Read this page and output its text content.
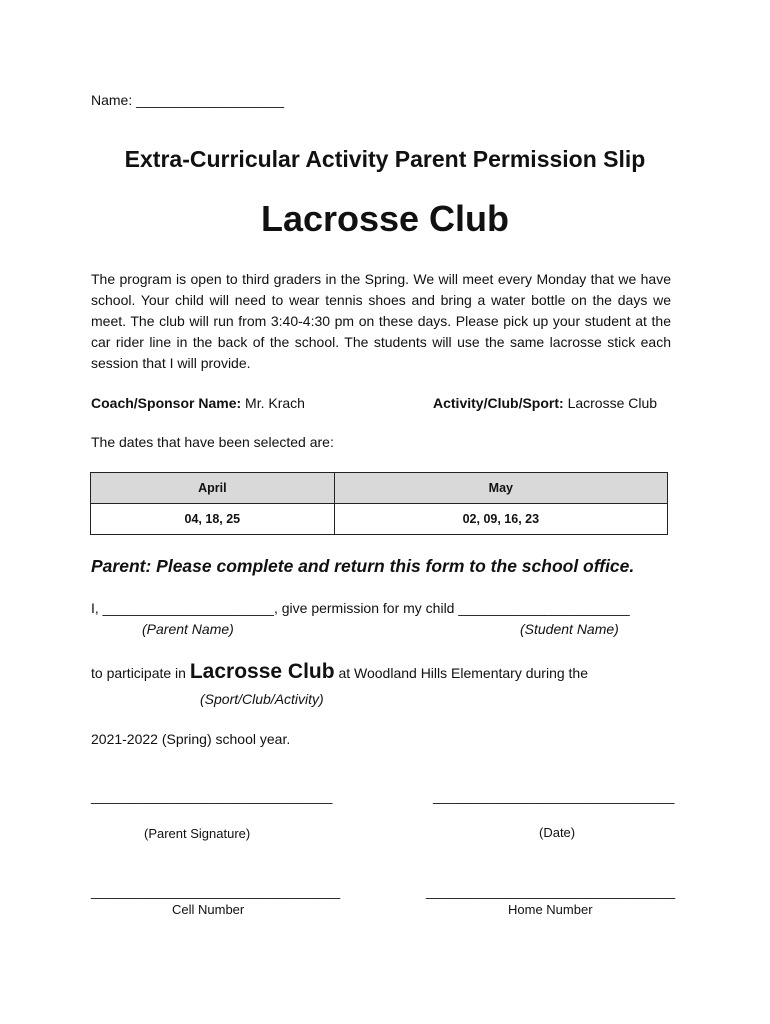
Name: ___________________
Extra-Curricular Activity Parent Permission Slip
Lacrosse Club

The program is open to third graders in the Spring. We will meet every Monday that we have school. Your child will need to wear tennis shoes and bring a water bottle on the days we meet. The club will run from 3:40-4:30 pm on these days. Please pick up your student at the car rider line in the back of the school. The students will use the same lacrosse stick each session that I will provide.

Coach/Sponsor Name: Mr. Krach	Activity/Club/Sport: Lacrosse Club
The dates that have been selected are:
April	May
04, 18, 25	02, 09, 16, 23
Parent: Please complete and return this form to the school office.
I, ______________________, give permission for my child ______________________
(Parent Name)	(Student Name)
to participate in Lacrosse Club at Woodland Hills Elementary during the
(Sport/Club/Activity)
2021-2022 (Spring) school year.
_______________________________	_______________________________
(Parent Signature)	(Date)
________________________________	________________________________
Cell Number	Home Number
